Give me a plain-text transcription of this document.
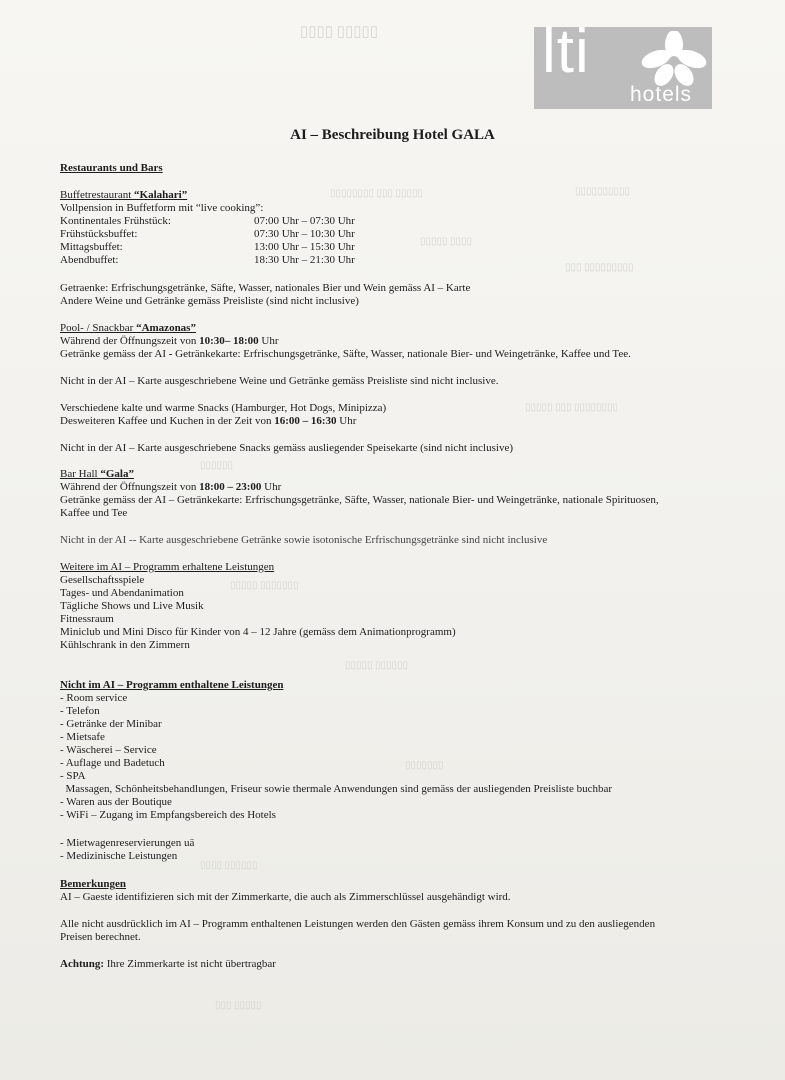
▯▯▯▯▯ ▯▯▯▯
▯▯▯▯▯ ▯▯▯ ▯▯▯▯▯▯▯▯	▯▯▯▯▯▯▯▯▯▯
▯▯▯▯ ▯▯▯▯▯
▯▯▯▯▯▯▯▯▯ ▯▯▯
▯▯▯▯▯▯▯▯ ▯▯▯ ▯▯▯▯▯
▯▯▯▯▯▯
▯▯▯▯▯▯▯ ▯▯▯▯▯
▯▯▯▯▯▯ ▯▯▯▯▯
▯▯▯▯▯▯▯
▯▯▯▯▯▯ ▯▯▯▯
▯▯▯▯▯ ▯▯▯
lti
hotels
AI – Beschreibung Hotel GALA
Restaurants und Bars
Buffetrestaurant “Kalahari”
Vollpension in Buffetform mit “live cooking”:
Kontinentales Frühstück:	07:00 Uhr – 07:30 Uhr
Frühstücksbuffet:	07:30 Uhr – 10:30 Uhr
Mittagsbuffet:	13:00 Uhr – 15:30 Uhr
Abendbuffet:	18:30 Uhr – 21:30 Uhr
Getraenke: Erfrischungsgetränke, Säfte, Wasser, nationales Bier und Wein gemäss AI – Karte
Andere Weine und Getränke gemäss Preisliste (sind nicht inclusive)
Pool- / Snackbar “Amazonas”
Während der Öffnungszeit von 10:30– 18:00 Uhr
Getränke gemäss der AI - Getränkekarte: Erfrischungsgetränke, Säfte, Wasser, nationale Bier- und Weingetränke, Kaffee und Tee.
Nicht in der AI – Karte ausgeschriebene Weine und Getränke gemäss Preisliste sind nicht inclusive.
Verschiedene kalte und warme Snacks (Hamburger, Hot Dogs, Minipizza)
Desweiteren Kaffee und Kuchen in der Zeit von 16:00 – 16:30 Uhr
Nicht in der AI – Karte ausgeschriebene Snacks gemäss ausliegender Speisekarte (sind nicht inclusive)
Bar Hall “Gala”
Während der Öffnungszeit von 18:00 – 23:00 Uhr
Getränke gemäss der AI – Getränkekarte: Erfrischungsgetränke, Säfte, Wasser, nationale Bier- und Weingetränke, nationale Spirituosen,
Kaffee und Tee
Nicht in der AI -- Karte ausgeschriebene Getränke sowie isotonische Erfrischungsgetränke sind nicht inclusive
Weitere im AI – Programm erhaltene Leistungen
Gesellschaftsspiele
Tages- und Abendanimation
Tägliche Shows und Live Musik
Fitnessraum
Miniclub und Mini Disco für Kinder von 4 – 12 Jahre (gemäss dem Animationprogramm)
Kühlschrank in den Zimmern
Nicht im AI – Programm enthaltene Leistungen
- Room service
- Telefon
- Getränke der Minibar
- Mietsafe
- Wäscherei – Service
- Auflage und Badetuch
- SPA
Massagen, Schönheitsbehandlungen, Friseur sowie thermale Anwendungen sind gemäss der ausliegenden Preisliste buchbar
- Waren aus der Boutique
- WiFi – Zugang im Empfangsbereich des Hotels
- Mietwagenreservierungen uä
- Medizinische Leistungen
Bemerkungen
AI – Gaeste identifizieren sich mit der Zimmerkarte, die auch als Zimmerschlüssel ausgehändigt wird.
Alle nicht ausdrücklich im AI – Programm enthaltenen Leistungen werden den Gästen gemäss ihrem Konsum und zu den ausliegenden
Preisen berechnet.
Achtung: Ihre Zimmerkarte ist nicht übertragbar
